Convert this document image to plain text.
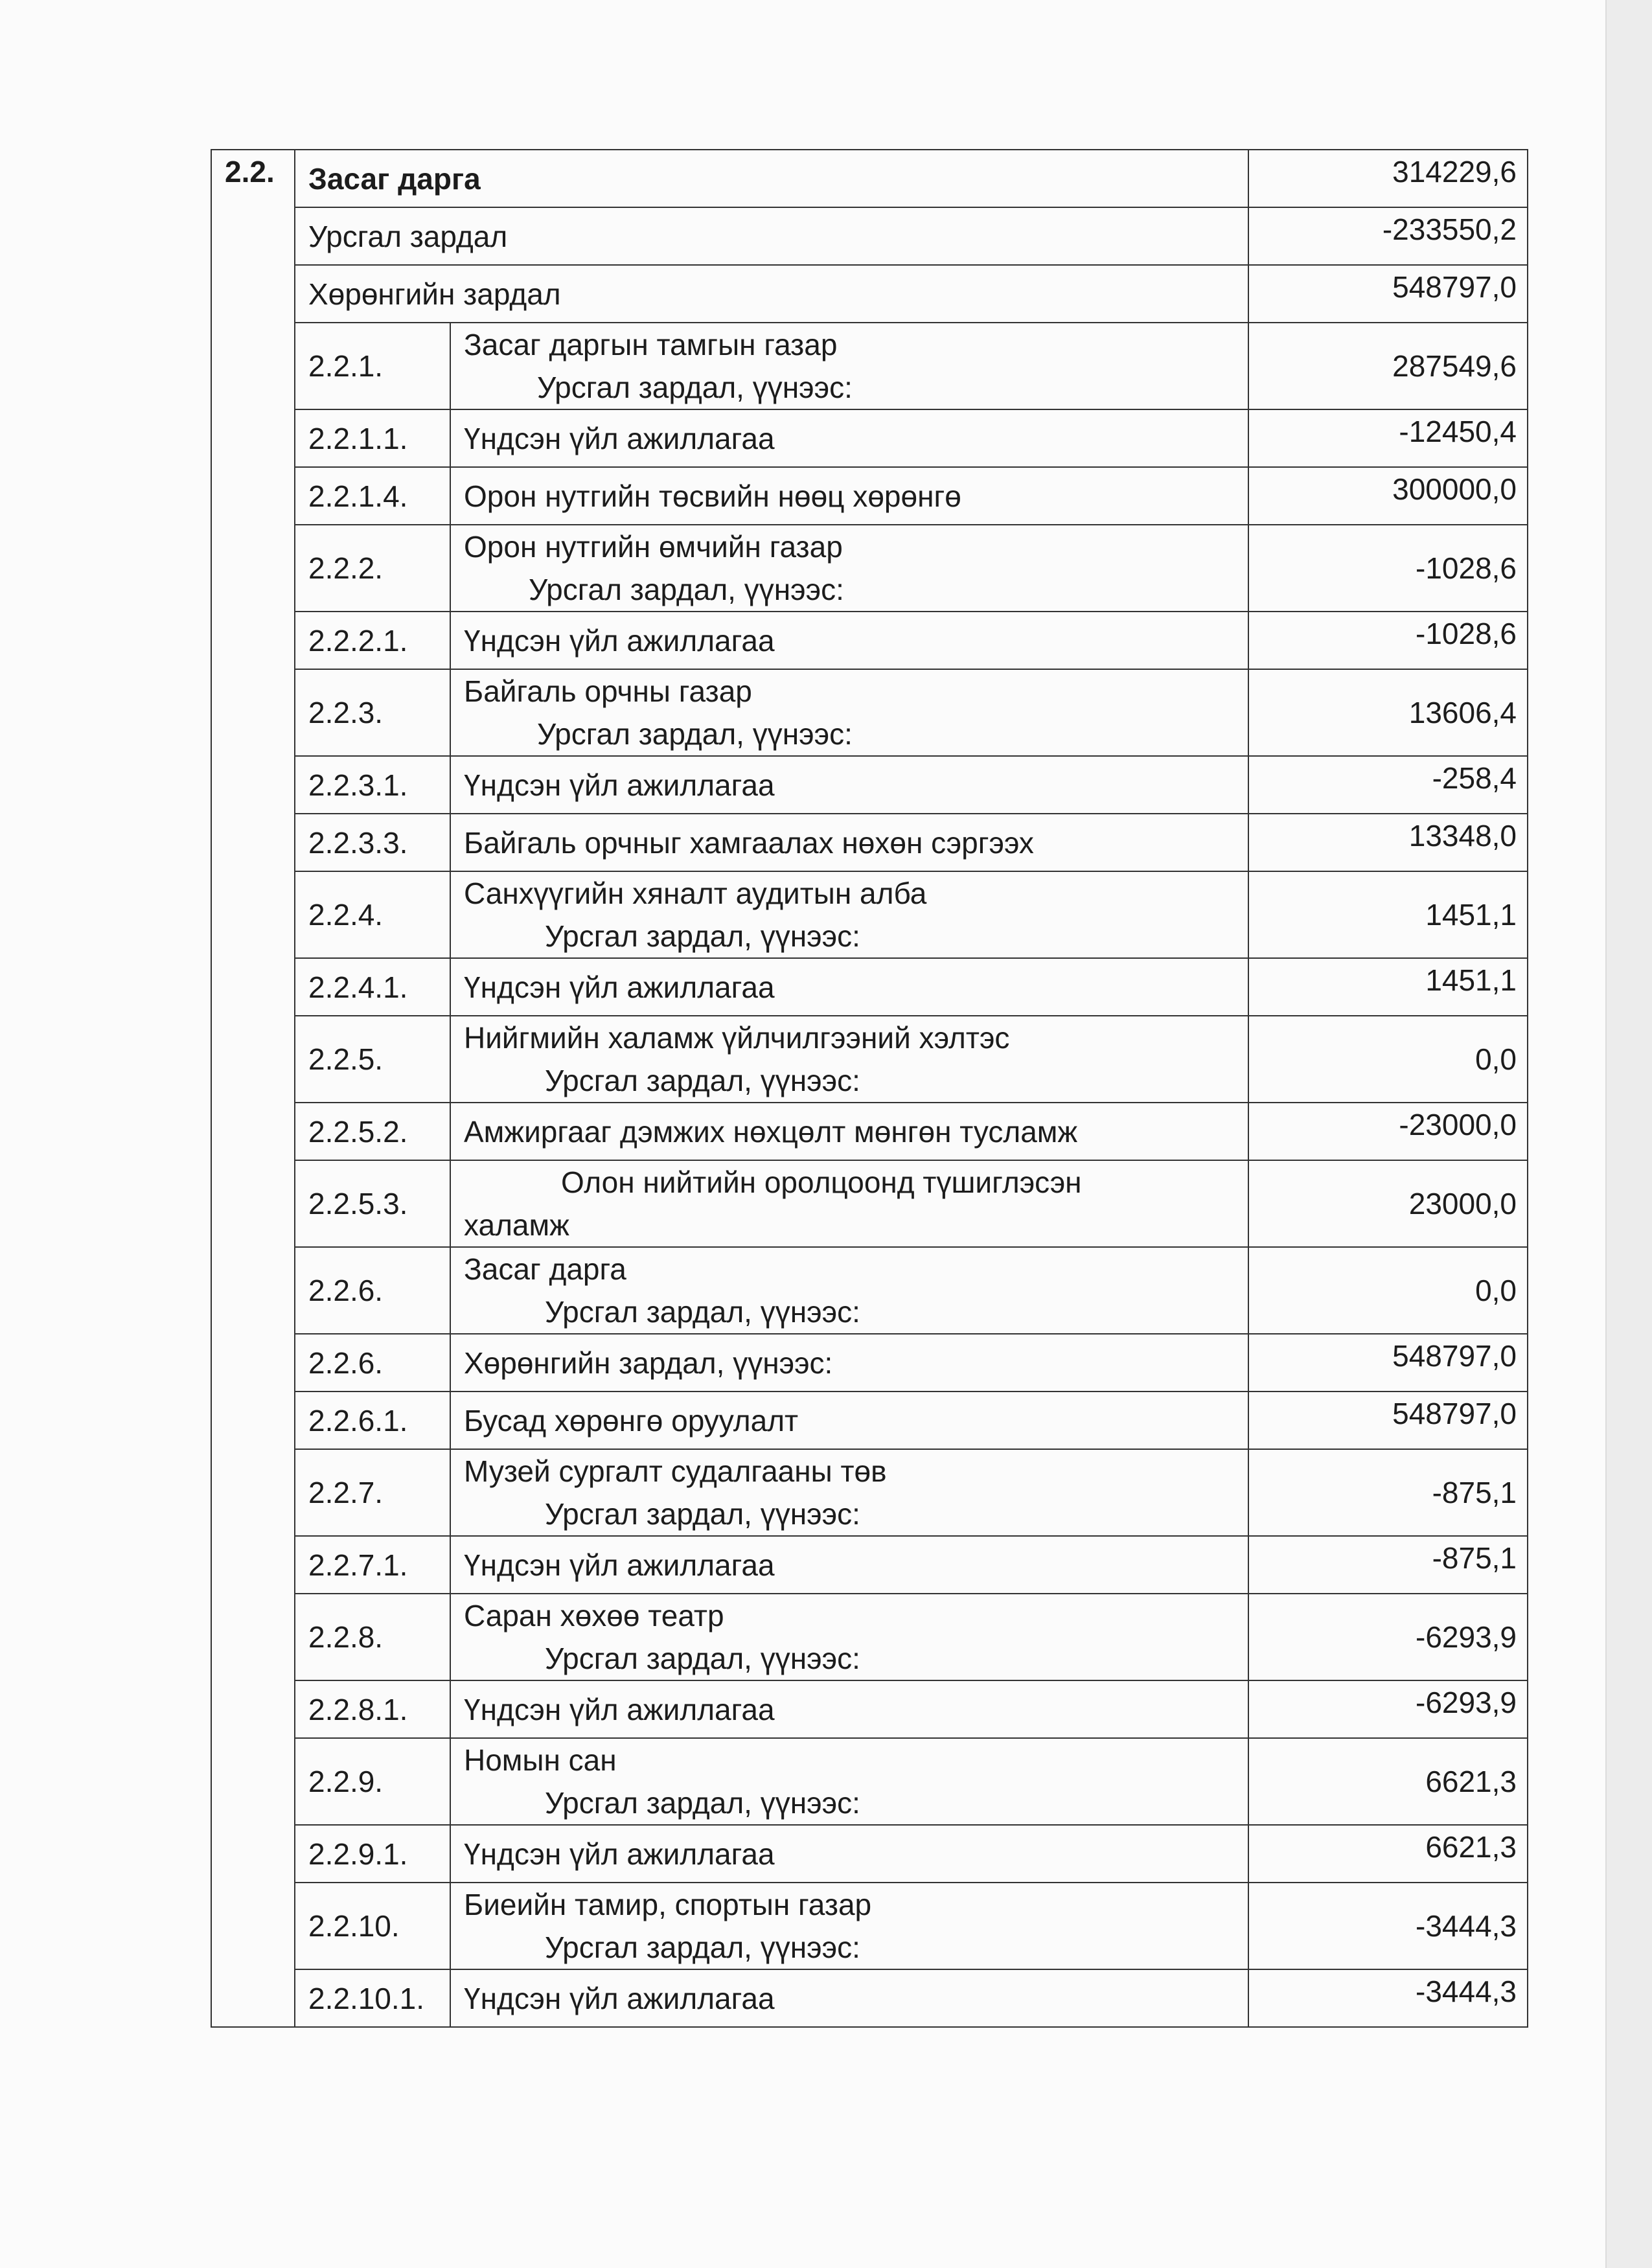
2.2.	Засаг дарга		314229,6
	Урсгал зардал		-233550,2
	Хөрөнгийн зардал		548797,0
	2.2.1.	Засаг даргын тамгын газар
Урсгал зардал, үүнээс:	287549,6
	2.2.1.1.	Үндсэн үйл ажиллагаа	-12450,4
	2.2.1.4.	Орон нутгийн төсвийн нөөц хөрөнгө	300000,0
	2.2.2.	Орон нутгийн өмчийн газар
Урсгал зардал, үүнээс:	-1028,6
	2.2.2.1.	Үндсэн үйл ажиллагаа	-1028,6
	2.2.3.	Байгаль орчны газар
Урсгал зардал, үүнээс:	13606,4
	2.2.3.1.	Үндсэн үйл ажиллагаа	-258,4
	2.2.3.3.	Байгаль орчныг хамгаалах нөхөн сэргээх	13348,0
	2.2.4.	Санхүүгийн хяналт аудитын алба
Урсгал зардал, үүнээс:	1451,1
	2.2.4.1.	Үндсэн үйл ажиллагаа	1451,1
	2.2.5.	Нийгмийн халамж үйлчилгээний хэлтэс
Урсгал зардал, үүнээс:	0,0
	2.2.5.2.	Амжиргааг дэмжих нөхцөлт мөнгөн тусламж	-23000,0
	2.2.5.3.	Олон нийтийн оролцоонд түшиглэсэн
халамж	23000,0
	2.2.6.	Засаг дарга
Урсгал зардал, үүнээс:	0,0
	2.2.6.	Хөрөнгийн зардал, үүнээс:	548797,0
	2.2.6.1.	Бусад хөрөнгө оруулалт	548797,0
	2.2.7.	Музей сургалт судалгааны төв
Урсгал зардал, үүнээс:	-875,1
	2.2.7.1.	Үндсэн үйл ажиллагаа	-875,1
	2.2.8.	Саран хөхөө театр
Урсгал зардал, үүнээс:	-6293,9
	2.2.8.1.	Үндсэн үйл ажиллагаа	-6293,9
	2.2.9.	Номын сан
Урсгал зардал, үүнээс:	6621,3
	2.2.9.1.	Үндсэн үйл ажиллагаа	6621,3
	2.2.10.	Биеийн тамир, спортын газар
Урсгал зардал, үүнээс:	-3444,3
	2.2.10.1.	Үндсэн үйл ажиллагаа	-3444,3
